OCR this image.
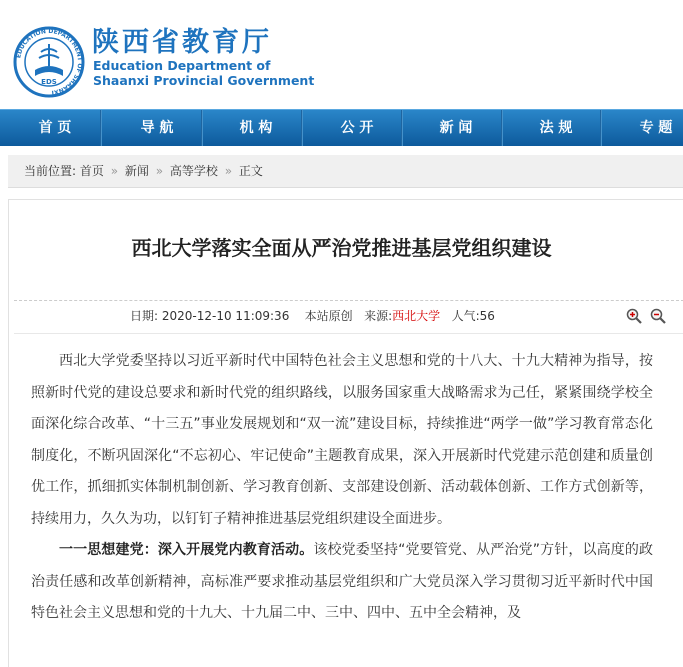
EDUCATION DEPARTMENT OF SHAANXI
EDS
陕西省教育厅
Education Department of
Shaanxi Provincial Government
首 页	导 航	机 构	公 开	新 闻	法 规	专 题
当前位置: 首页 » 新闻 » 高等学校 » 正文
西北大学落实全面从严治党推进基层党组织建设
日期: 2020-12-10 11:09:36 本站原创 来源:西北大学 人气:56

西北大学党委坚持以习近平新时代中国特色社会主义思想和党的十八大、十九大精神为指导，按照新时代党的建设总要求和新时代党的组织路线，以服务国家重大战略需求为己任，紧紧围绕学校全面深化综合改革、“十三五”事业发展规划和“双一流”建设目标，持续推进“两学一做”学习教育常态化制度化，不断巩固深化“不忘初心、牢记使命”主题教育成果，深入开展新时代党建示范创建和质量创优工作，抓细抓实体制机制创新、学习教育创新、支部建设创新、活动载体创新、工作方式创新等，持续用力，久久为功，以钉钉子精神推进基层党组织建设全面进步。

一一思想建党：深入开展党内教育活动。该校党委坚持“党要管党、从严治党”方针，以高度的政治责任感和改革创新精神，高标准严要求推动基层党组织和广大党员深入学习贯彻习近平新时代中国特色社会主义思想和党的十九大、十九届二中、三中、四中、五中全会精神，及
